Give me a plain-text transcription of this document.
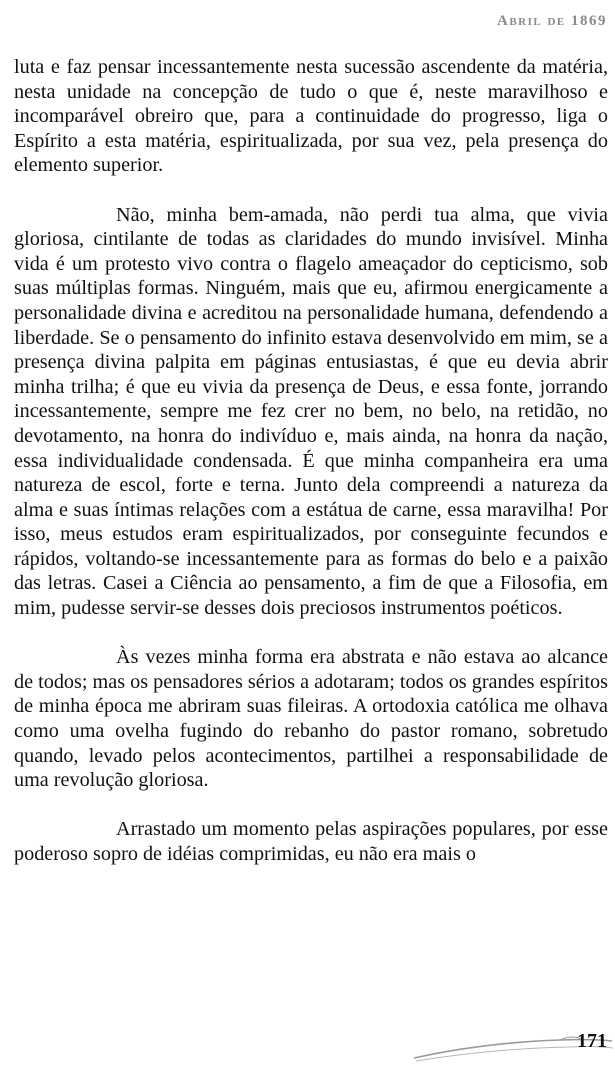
Abril de 1869

luta e faz pensar incessantemente nesta sucessão ascendente da matéria, nesta unidade na concepção de tudo o que é, neste maravilhoso e incomparável obreiro que, para a continuidade do progresso, liga o Espírito a esta matéria, espiritualizada, por sua vez, pela presença do elemento superior.

Não, minha bem-amada, não perdi tua alma, que vivia gloriosa, cintilante de todas as claridades do mundo invisível. Minha vida é um protesto vivo contra o flagelo ameaçador do cepticismo, sob suas múltiplas formas. Ninguém, mais que eu, afirmou energicamente a personalidade divina e acreditou na personalidade humana, defendendo a liberdade. Se o pensamento do infinito estava desenvolvido em mim, se a presença divina palpita em páginas entusiastas, é que eu devia abrir minha trilha; é que eu vivia da presença de Deus, e essa fonte, jorrando incessantemente, sempre me fez crer no bem, no belo, na retidão, no devotamento, na honra do indivíduo e, mais ainda, na honra da nação, essa individualidade condensada. É que minha companheira era uma natureza de escol, forte e terna. Junto dela compreendi a natureza da alma e suas íntimas relações com a estátua de carne, essa maravilha! Por isso, meus estudos eram espiritualizados, por conseguinte fecundos e rápidos, voltando-se incessantemente para as formas do belo e a paixão das letras. Casei a Ciência ao pensamento, a fim de que a Filosofia, em mim, pudesse servir-se desses dois preciosos instrumentos poéticos.

Às vezes minha forma era abstrata e não estava ao alcance de todos; mas os pensadores sérios a adotaram; todos os grandes espíritos de minha época me abriram suas fileiras. A ortodoxia católica me olhava como uma ovelha fugindo do rebanho do pastor romano, sobretudo quando, levado pelos acontecimentos, partilhei a responsabilidade de uma revolução gloriosa.

Arrastado um momento pelas aspirações populares, por esse poderoso sopro de idéias comprimidas, eu não era mais o

171
